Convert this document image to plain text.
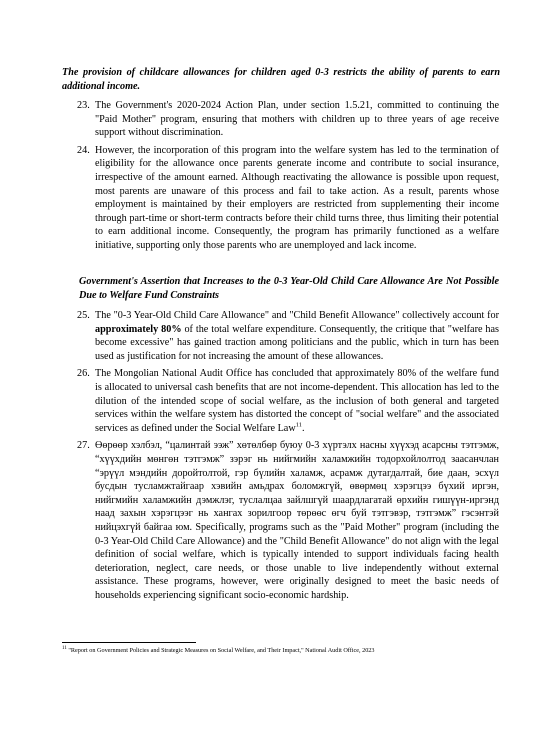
The provision of childcare allowances for children aged 0-3 restricts the ability of parents to earn additional income.
23. The Government's 2020-2024 Action Plan, under section 1.5.21, committed to continuing the "Paid Mother" program, ensuring that mothers with children up to three years of age receive support without discrimination.
24. However, the incorporation of this program into the welfare system has led to the termination of eligibility for the allowance once parents generate income and contribute to social insurance, irrespective of the amount earned. Although reactivating the allowance is possible upon request, most parents are unaware of this process and fail to take action. As a result, parents whose employment is maintained by their employers are restricted from supplementing their income through part-time or short-term contracts before their child turns three, thus limiting their potential to earn additional income. Consequently, the program has primarily functioned as a welfare initiative, supporting only those parents who are unemployed and lack income.
Government's Assertion that Increases to the 0-3 Year-Old Child Care Allowance Are Not Possible Due to Welfare Fund Constraints
25. The "0-3 Year-Old Child Care Allowance" and "Child Benefit Allowance" collectively account for approximately 80% of the total welfare expenditure. Consequently, the critique that "welfare has become excessive" has gained traction among politicians and the public, which in turn has been used as justification for not increasing the amount of these allowances.
26. The Mongolian National Audit Office has concluded that approximately 80% of the welfare fund is allocated to universal cash benefits that are not income-dependent. This allocation has led to the dilution of the intended scope of social welfare, as the inclusion of both general and targeted services within the welfare system has distorted the concept of "social welfare" and the associated services as defined under the Social Welfare Law$^{11}$.
27. Өөрөөр хэлбэл, “цалинтай ээж” хөтөлбөр буюу 0-3 хүртэлх насны хүүхэд асарсны тэтгэмж, “хүүхдийн мөнгөн тэтгэмж” зэрэг нь нийгмийн халамжийн тодорхойлолтод заасанчлан “эрүүл мэндийн доройтолтой, гэр бүлийн халамж, асрамж дутагдалтай, бие даан, эсхүл бусдын тусламжтайгаар хэвийн амьдрах боломжгүй, өвөрмөц хэрэгцээ бүхий иргэн, нийгмийн халамжийн дэмжлэг, туслалцаа зайлшгүй шаардлагатай өрхийн гишүүн-иргэнд наад захын хэрэгцээг нь хангах зорилгоор төрөөс өгч буй тэтгэвэр, тэтгэмж” гэсэнтэй нийцэхгүй байгаа юм. Specifically, programs such as the "Paid Mother" program (including the 0-3 Year-Old Child Care Allowance) and the "Child Benefit Allowance" do not align with the legal definition of social welfare, which is typically intended to support individuals facing health deterioration, neglect, care needs, or those unable to live independently without external assistance. These programs, however, were originally designed to meet the basic needs of households experiencing significant socio-economic hardship.
$^{11}$ "Report on Government Policies and Strategic Measures on Social Welfare, and Their Impact," National Audit Office, 2023
